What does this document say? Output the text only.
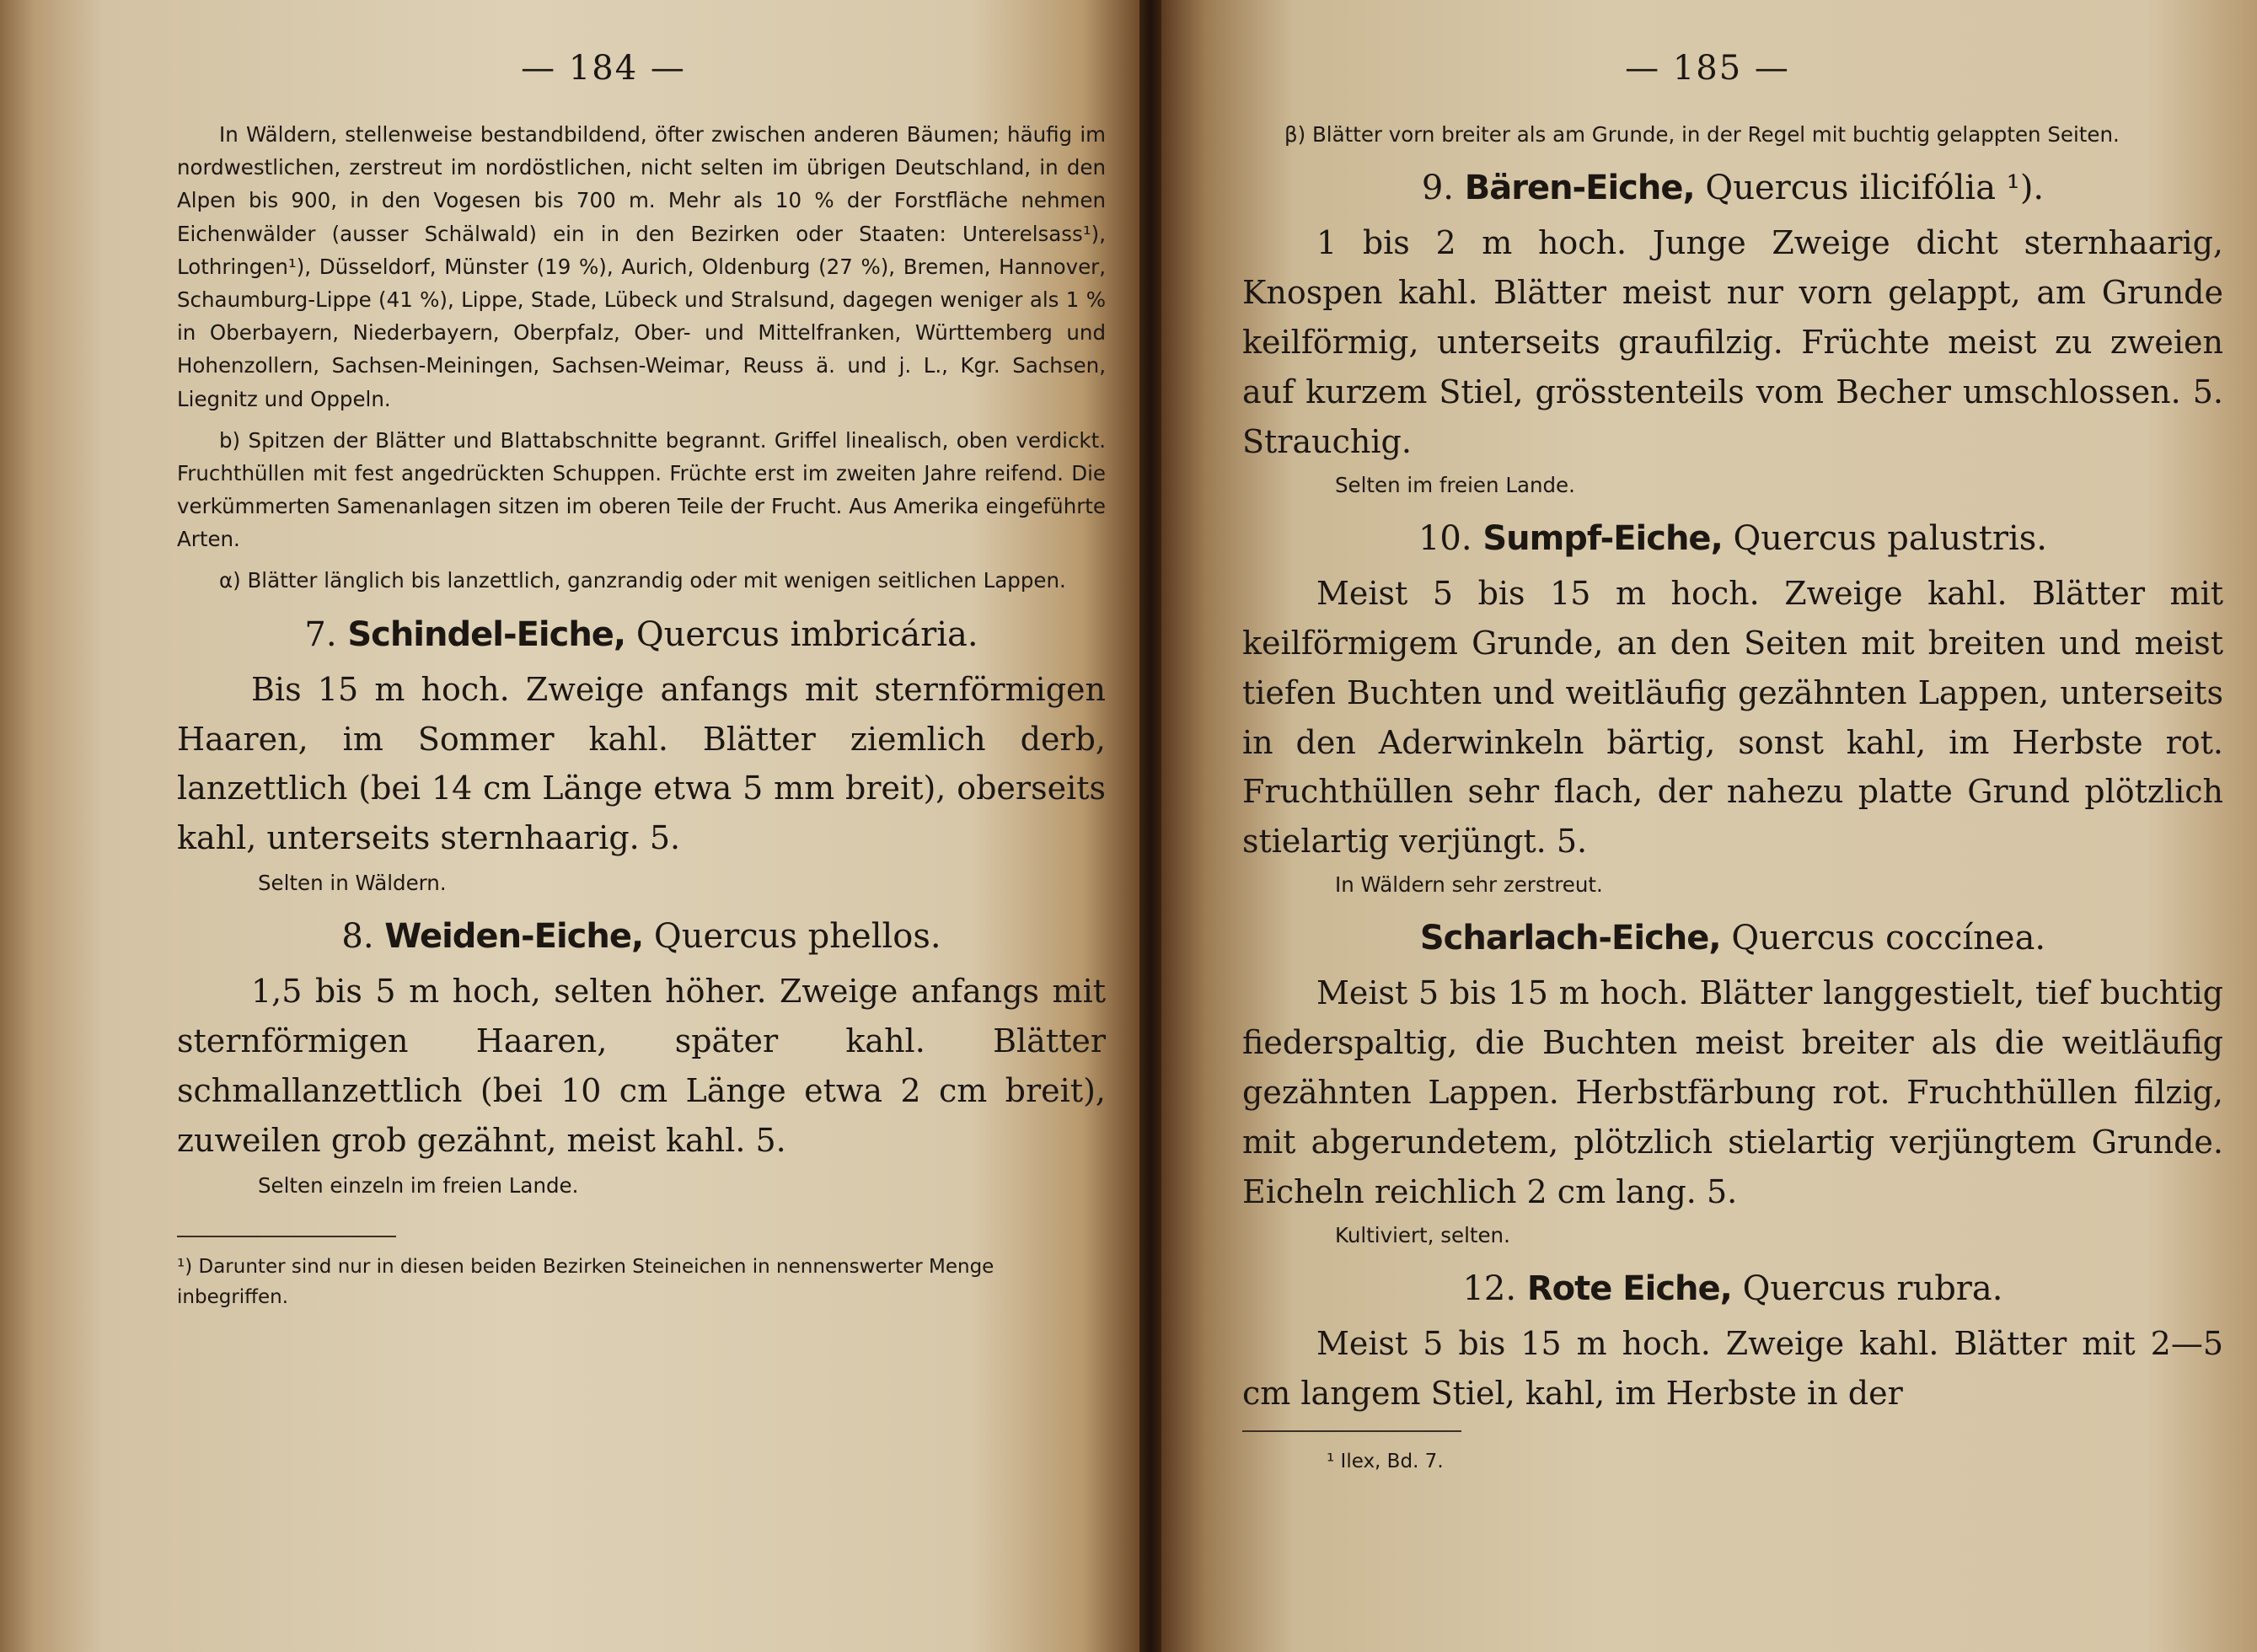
— 184 —

In Wäldern, stellenweise bestandbildend, öfter zwischen anderen Bäumen; häufig im nordwestlichen, zerstreut im nordöstlichen, nicht selten im übrigen Deutschland, in den Alpen bis 900, in den Vogesen bis 700 m. Mehr als 10 % der Forstfläche nehmen Eichenwälder (ausser Schälwald) ein in den Bezirken oder Staaten: Unterelsass¹), Lothringen¹), Düsseldorf, Münster (19 %), Aurich, Oldenburg (27 %), Bremen, Hannover, Schaumburg-Lippe (41 %), Lippe, Stade, Lübeck und Stralsund, dagegen weniger als 1 % in Oberbayern, Niederbayern, Oberpfalz, Ober- und Mittelfranken, Württemberg und Hohenzollern, Sachsen-Meiningen, Sachsen-Weimar, Reuss ä. und j. L., Kgr. Sachsen, Liegnitz und Oppeln.

b) Spitzen der Blätter und Blattabschnitte begrannt. Griffel linealisch, oben verdickt. Fruchthüllen mit fest angedrückten Schuppen. Früchte erst im zweiten Jahre reifend. Die verkümmerten Samenanlagen sitzen im oberen Teile der Frucht. Aus Amerika eingeführte Arten.

α) Blätter länglich bis lanzettlich, ganzrandig oder mit wenigen seitlichen Lappen.

7. Schindel-Eiche, Quercus imbricária.

Bis 15 m hoch. Zweige anfangs mit sternförmigen Haaren, im Sommer kahl. Blätter ziemlich derb, lanzettlich (bei 14 cm Länge etwa 5 mm breit), oberseits kahl, unterseits sternhaarig. 5.

Selten in Wäldern.

8. Weiden-Eiche, Quercus phellos.

1,5 bis 5 m hoch, selten höher. Zweige anfangs mit sternförmigen Haaren, später kahl. Blätter schmallanzettlich (bei 10 cm Länge etwa 2 cm breit), zuweilen grob gezähnt, meist kahl. 5.

Selten einzeln im freien Lande.

¹) Darunter sind nur in diesen beiden Bezirken Steineichen in nennenswerter Menge inbegriffen.

— 185 —

β) Blätter vorn breiter als am Grunde, in der Regel mit buchtig gelappten Seiten.

9. Bären-Eiche, Quercus ilicifólia ¹).

1 bis 2 m hoch. Junge Zweige dicht sternhaarig, Knospen kahl. Blätter meist nur vorn gelappt, am Grunde keilförmig, unterseits graufilzig. Früchte meist zu zweien auf kurzem Stiel, grösstenteils vom Becher umschlossen. 5. Strauchig.

Selten im freien Lande.

10. Sumpf-Eiche, Quercus palustris.

Meist 5 bis 15 m hoch. Zweige kahl. Blätter mit keilförmigem Grunde, an den Seiten mit breiten und meist tiefen Buchten und weitläufig gezähnten Lappen, unterseits in den Aderwinkeln bärtig, sonst kahl, im Herbste rot. Fruchthüllen sehr flach, der nahezu platte Grund plötzlich stielartig verjüngt. 5.

In Wäldern sehr zerstreut.

Scharlach-Eiche, Quercus coccínea.

Meist 5 bis 15 m hoch. Blätter langgestielt, tief buchtig fiederspaltig, die Buchten meist breiter als die weitläufig gezähnten Lappen. Herbstfärbung rot. Fruchthüllen filzig, mit abgerundetem, plötzlich stielartig verjüngtem Grunde. Eicheln reichlich 2 cm lang. 5.

Kultiviert, selten.

12. Rote Eiche, Quercus rubra.

Meist 5 bis 15 m hoch. Zweige kahl. Blätter mit 2—5 cm langem Stiel, kahl, im Herbste in der

¹ Ilex, Bd. 7.
